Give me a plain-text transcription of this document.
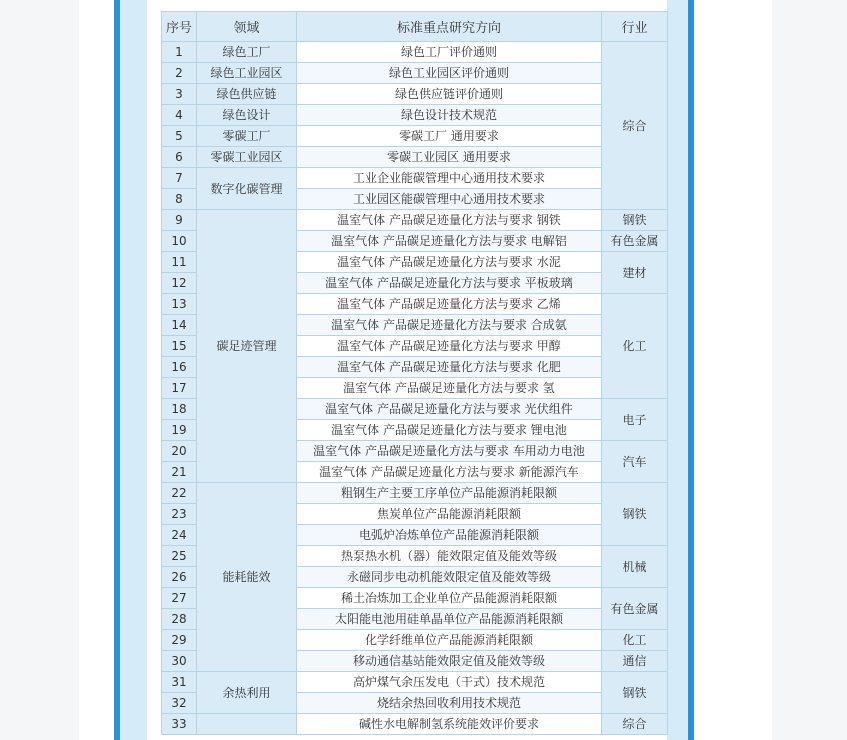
序号	领域	标准重点研究方向	行业
1	绿色工厂	绿色工厂评价通则	综合
2	绿色工业园区	绿色工业园区评价通则	
3	绿色供应链	绿色供应链评价通则	
4	绿色设计	绿色设计技术规范	
5	零碳工厂	零碳工厂 通用要求	
6	零碳工业园区	零碳工业园区 通用要求	
7	数字化碳管理	工业企业能碳管理中心通用技术要求	
8		工业园区能碳管理中心通用技术要求	
9	碳足迹管理	温室气体 产品碳足迹量化方法与要求 钢铁	钢铁
10		温室气体 产品碳足迹量化方法与要求 电解铝	有色金属
11		温室气体 产品碳足迹量化方法与要求 水泥	建材
12		温室气体 产品碳足迹量化方法与要求 平板玻璃	
13		温室气体 产品碳足迹量化方法与要求 乙烯	化工
14		温室气体 产品碳足迹量化方法与要求 合成氨	
15		温室气体 产品碳足迹量化方法与要求 甲醇	
16		温室气体 产品碳足迹量化方法与要求 化肥	
17		温室气体 产品碳足迹量化方法与要求 氢	
18		温室气体 产品碳足迹量化方法与要求 光伏组件	电子
19		温室气体 产品碳足迹量化方法与要求 锂电池	
20		温室气体 产品碳足迹量化方法与要求 车用动力电池	汽车
21		温室气体 产品碳足迹量化方法与要求 新能源汽车	
22	能耗能效	粗钢生产主要工序单位产品能源消耗限额	钢铁
23		焦炭单位产品能源消耗限额	
24		电弧炉冶炼单位产品能源消耗限额	
25		热泵热水机（器）能效限定值及能效等级	机械
26		永磁同步电动机能效限定值及能效等级	
27		稀土冶炼加工企业单位产品能源消耗限额	有色金属
28		太阳能电池用硅单晶单位产品能源消耗限额	
29		化学纤维单位产品能源消耗限额	化工
30		移动通信基站能效限定值及能效等级	通信
31	余热利用	高炉煤气余压发电（干式）技术规范	钢铁
32		烧结余热回收利用技术规范	
33		碱性水电解制氢系统能效评价要求	综合
